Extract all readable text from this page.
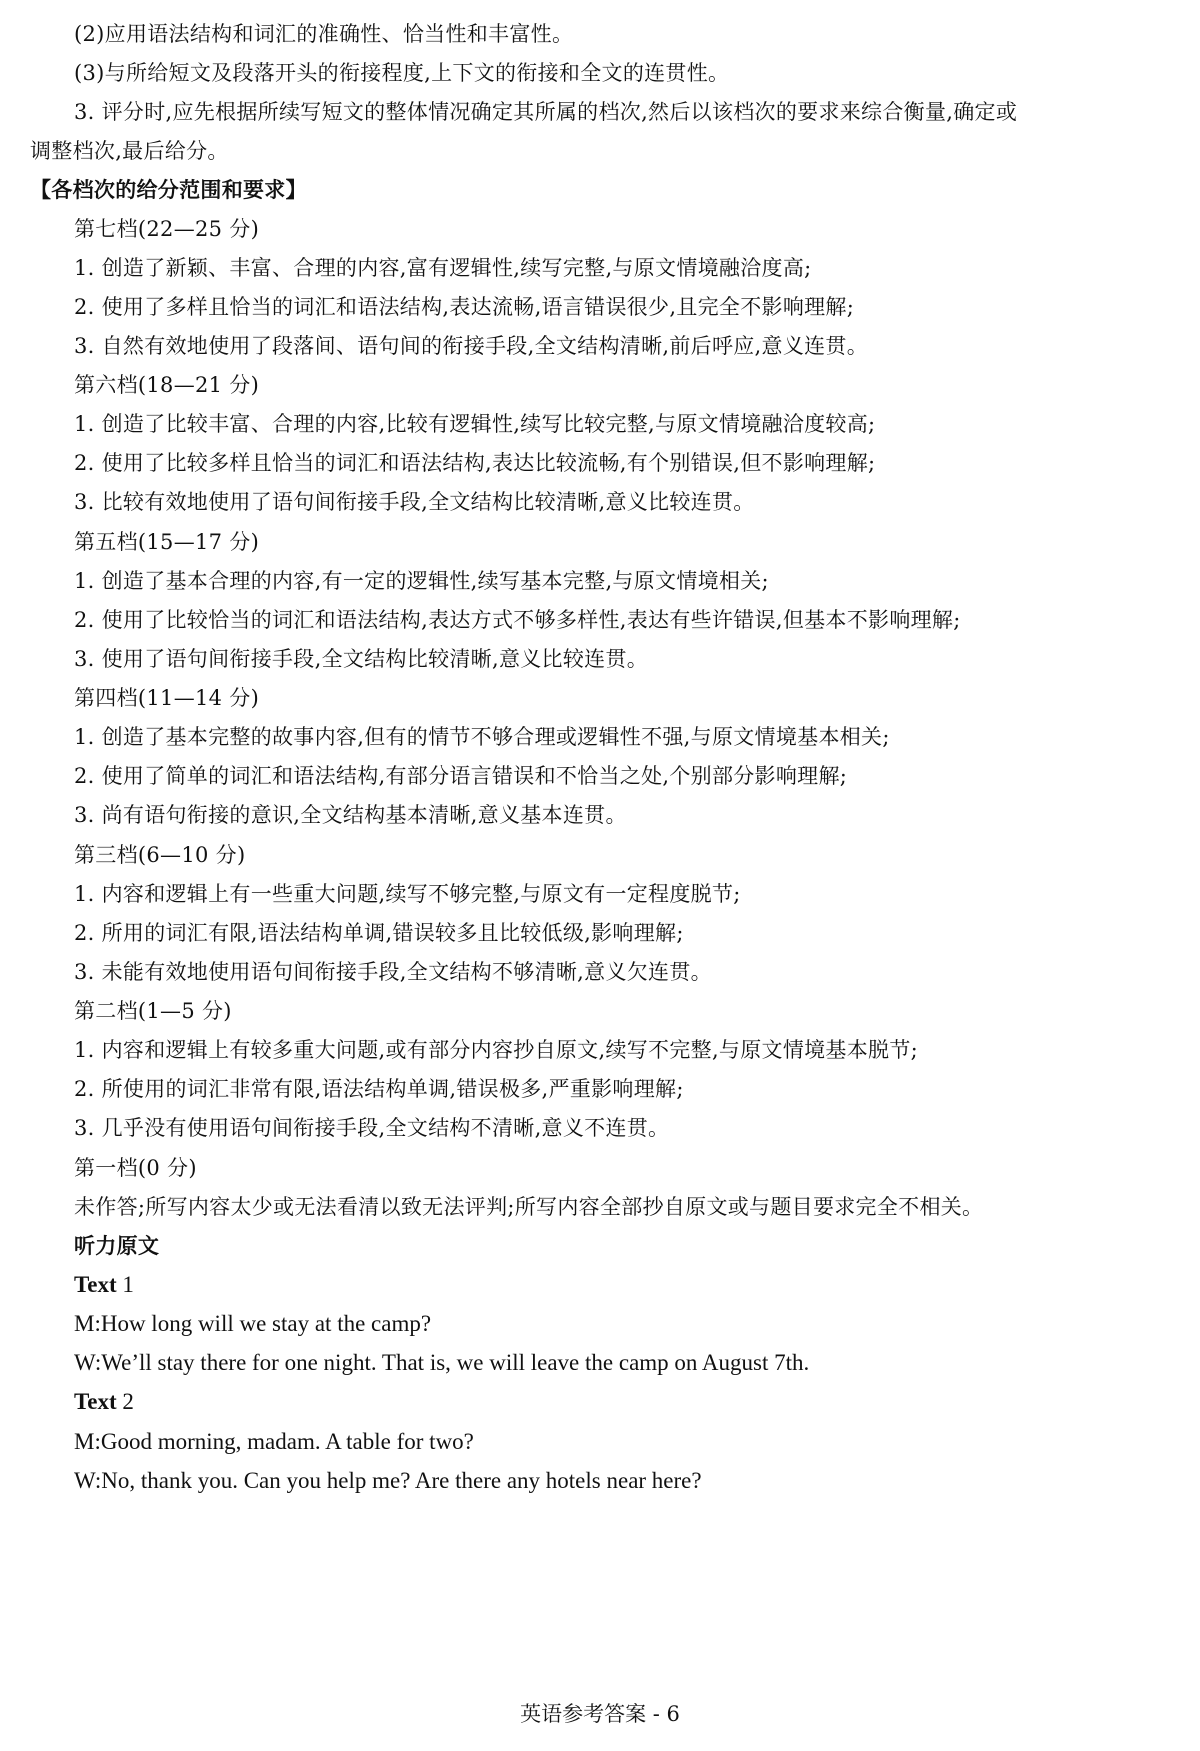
(2)应用语法结构和词汇的准确性、恰当性和丰富性。
(3)与所给短文及段落开头的衔接程度,上下文的衔接和全文的连贯性。
3. 评分时,应先根据所续写短文的整体情况确定其所属的档次,然后以该档次的要求来综合衡量,确定或
调整档次,最后给分。
【各档次的给分范围和要求】
第七档(22—25 分)
1. 创造了新颖、丰富、合理的内容,富有逻辑性,续写完整,与原文情境融洽度高;
2. 使用了多样且恰当的词汇和语法结构,表达流畅,语言错误很少,且完全不影响理解;
3. 自然有效地使用了段落间、语句间的衔接手段,全文结构清晰,前后呼应,意义连贯。
第六档(18—21 分)
1. 创造了比较丰富、合理的内容,比较有逻辑性,续写比较完整,与原文情境融洽度较高;
2. 使用了比较多样且恰当的词汇和语法结构,表达比较流畅,有个别错误,但不影响理解;
3. 比较有效地使用了语句间衔接手段,全文结构比较清晰,意义比较连贯。
第五档(15—17 分)
1. 创造了基本合理的内容,有一定的逻辑性,续写基本完整,与原文情境相关;
2. 使用了比较恰当的词汇和语法结构,表达方式不够多样性,表达有些许错误,但基本不影响理解;
3. 使用了语句间衔接手段,全文结构比较清晰,意义比较连贯。
第四档(11—14 分)
1. 创造了基本完整的故事内容,但有的情节不够合理或逻辑性不强,与原文情境基本相关;
2. 使用了简单的词汇和语法结构,有部分语言错误和不恰当之处,个别部分影响理解;
3. 尚有语句衔接的意识,全文结构基本清晰,意义基本连贯。
第三档(6—10 分)
1. 内容和逻辑上有一些重大问题,续写不够完整,与原文有一定程度脱节;
2. 所用的词汇有限,语法结构单调,错误较多且比较低级,影响理解;
3. 未能有效地使用语句间衔接手段,全文结构不够清晰,意义欠连贯。
第二档(1—5 分)
1. 内容和逻辑上有较多重大问题,或有部分内容抄自原文,续写不完整,与原文情境基本脱节;
2. 所使用的词汇非常有限,语法结构单调,错误极多,严重影响理解;
3. 几乎没有使用语句间衔接手段,全文结构不清晰,意义不连贯。
第一档(0 分)
未作答;所写内容太少或无法看清以致无法评判;所写内容全部抄自原文或与题目要求完全不相关。
听力原文
Text 1
M:How long will we stay at the camp?
W:We’ll stay there for one night. That is, we will leave the camp on August 7th.
Text 2
M:Good morning, madam. A table for two?
W:No, thank you. Can you help me? Are there any hotels near here?
英语参考答案 - 6
